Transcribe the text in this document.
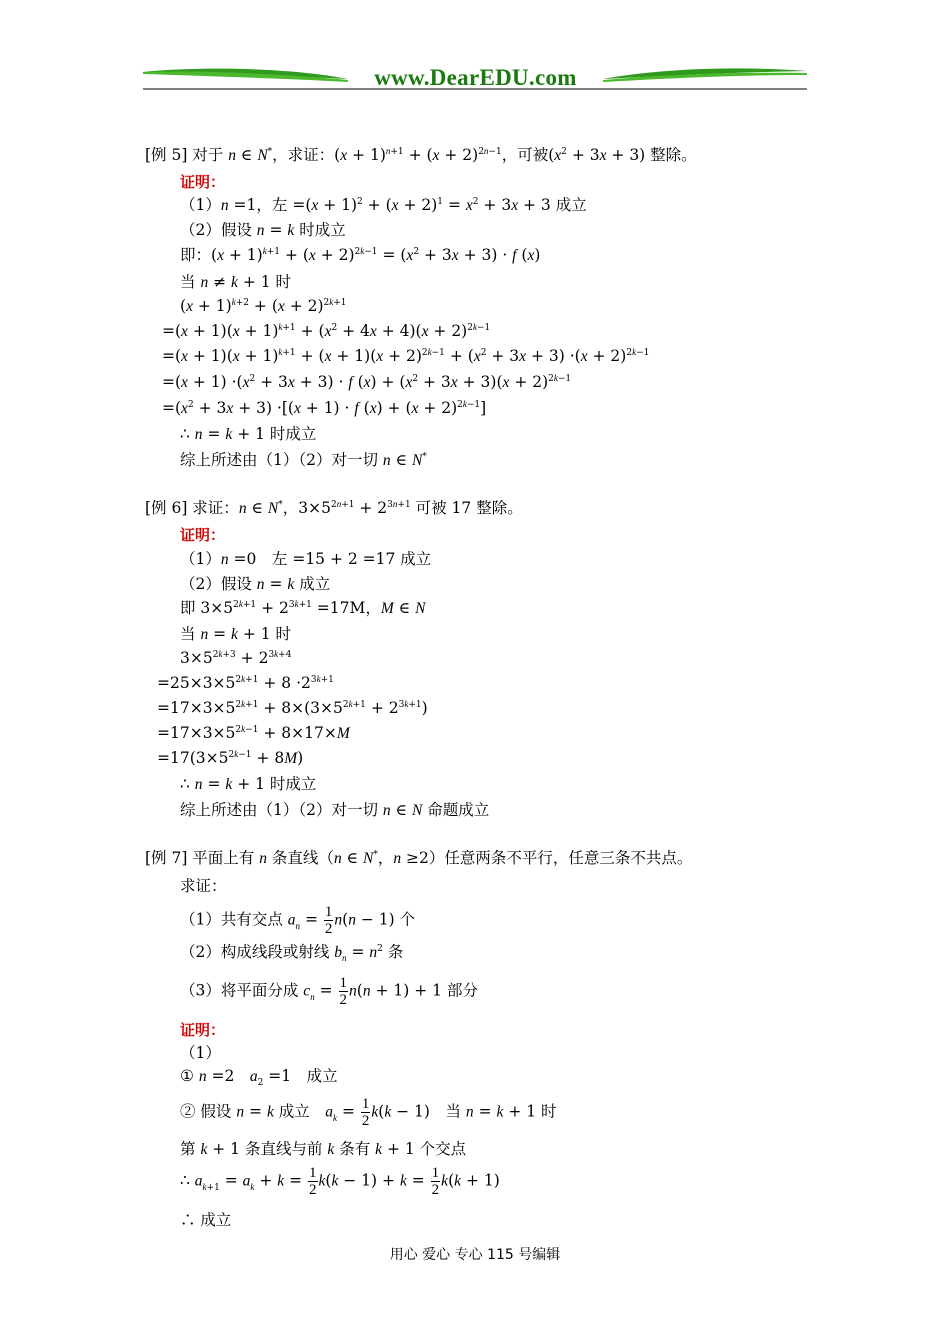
www.DearEDU.com
[例 5] 对于 n ∈ N*，求证：$(x + 1)^{n+1} + (x + 2)^{2n-1}$，可被$(x^2 + 3x + 3)$ 整除。
证明：
（1）n =1，左 $=(x + 1)^2 + (x + 2)^1 = x^2 + 3x + 3$ 成立
（2）假设 n = k 时成立
即：$(x + 1)^{k+1} + (x + 2)^{2k-1} = (x^2 + 3x + 3) \cdot f$ (x)
当 n ≠ k + 1 时
$(x + 1)^{k+2} + (x + 2)^{2k+1}$
$=(x + 1)(x + 1)^{k+1} + (x^2 + 4x + 4)(x + 2)^{2k-1}$
$=(x + 1)(x + 1)^{k+1} + (x + 1)(x + 2)^{2k-1} + (x^2 + 3x + 3) \cdot(x + 2)^{2k-1}$
$=(x + 1) \cdot(x^2 + 3x + 3) \cdot f$ $(x) + (x^2 + 3x + 3)(x + 2)^{2k-1}$
$=(x^2 + 3x + 3) \cdot[(x + 1) \cdot f$ $(x) + (x + 2)^{2k-1}$]
∴ n = k + 1 时成立
综上所述由（1）（2）对一切 n ∈ N*
[例 6] 求证：n ∈ N*，$3\times 5^{2n+1} + 2^{3n+1}$ 可被 17 整除。
证明：
（1）n =0　左 =15 + 2 =17 成立
（2）假设 n = k 成立
即 $3\times 5^{2k+1} + 2^{3k+1} =17M$，M ∈ N
当 n = k + 1 时
$3\times 5^{2k+3} + 2^{3k+4}$
$=25\times 3\times 5^{2k+1} + 8 \cdot 2^{3k+1}$
$=17\times 3\times 5^{2k+1} + 8\times(3\times 5^{2k+1} + 2^{3k+1})$
$=17\times 3\times 5^{2k-1} + 8\times 17\times M$
$=17(3\times 5^{2k-1} + 8M)$
∴ n = k + 1 时成立
综上所述由（1）（2）对一切 n ∈ N 命题成立
[例 7] 平面上有 n 条直线（n ∈ N*，n ≥2）任意两条不平行，任意三条不共点。
求证：
（1）共有交点 $a_n = \frac{1}{2} n(n - 1)$ 个
（2）构成线段或射线 $b_n = n^2$ 条
（3）将平面分成 $c_n = \frac{1}{2} n(n + 1) + 1$ 部分
证明：
（1）
① n =2　$a_2 =1$　成立
② 假设 n = k 成立　$a_k = \frac{1}{2} k(k - 1)$　当 n = k + 1 时
第 k + 1 条直线与前 k 条有 k + 1 个交点
∴ $a_{k+1} = a_k + k = \frac{1}{2} k(k - 1) + k = \frac{1}{2} k(k + 1)$
∴ 成立
用心 爱心 专心 115 号编辑
